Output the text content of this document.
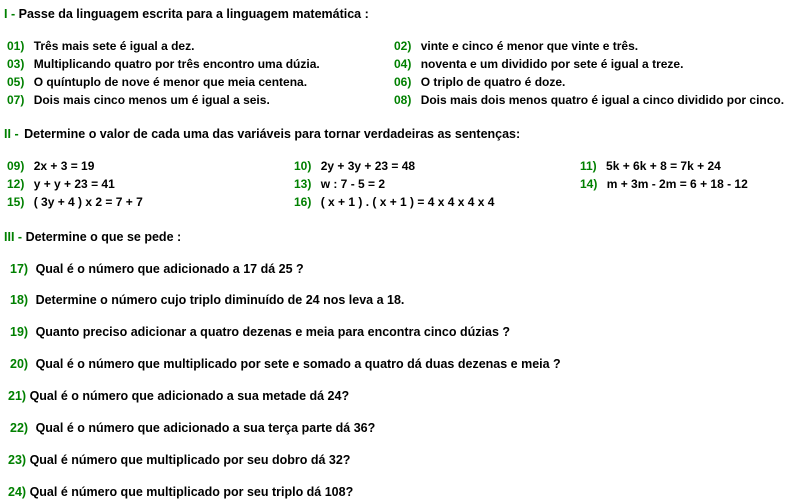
I - Passe da linguagem escrita para a linguagem matemática :
01) Três mais sete é igual a dez.	02) vinte e cinco é menor que vinte e três.
03) Multiplicando quatro por três encontro uma dúzia.	04) noventa e um dividido por sete é igual a treze.
05) O quíntuplo de nove é menor que meia centena.	06) O triplo de quatro é doze.
07) Dois mais cinco menos um é igual a seis.	08) Dois mais dois menos quatro é igual a cinco dividido por cinco.
II - Determine o valor de cada uma das variáveis para tornar verdadeiras as sentenças:
09) 2x + 3 = 19	10) 2y + 3y + 23 = 48	11) 5k + 6k + 8 = 7k + 24
12) y + y + 23 = 41	13) w : 7 - 5 = 2	14) m + 3m - 2m = 6 + 18 - 12
15) ( 3y + 4 ) x 2 = 7 + 7	16) ( x + 1 ) . ( x + 1 ) = 4 x 4 x 4 x 4
III - Determine o que se pede :
17) Qual é o número que adicionado a 17 dá 25 ?
18) Determine o número cujo triplo diminuído de 24 nos leva a 18.
19) Quanto preciso adicionar a quatro dezenas e meia para encontra cinco dúzias ?
20) Qual é o número que multiplicado por sete e somado a quatro dá duas dezenas e meia ?
21) Qual é o número que adicionado a sua metade dá 24?
22) Qual é o número que adicionado a sua terça parte dá 36?
23) Qual é número que multiplicado por seu dobro dá 32?
24) Qual é número que multiplicado por seu triplo dá 108?
